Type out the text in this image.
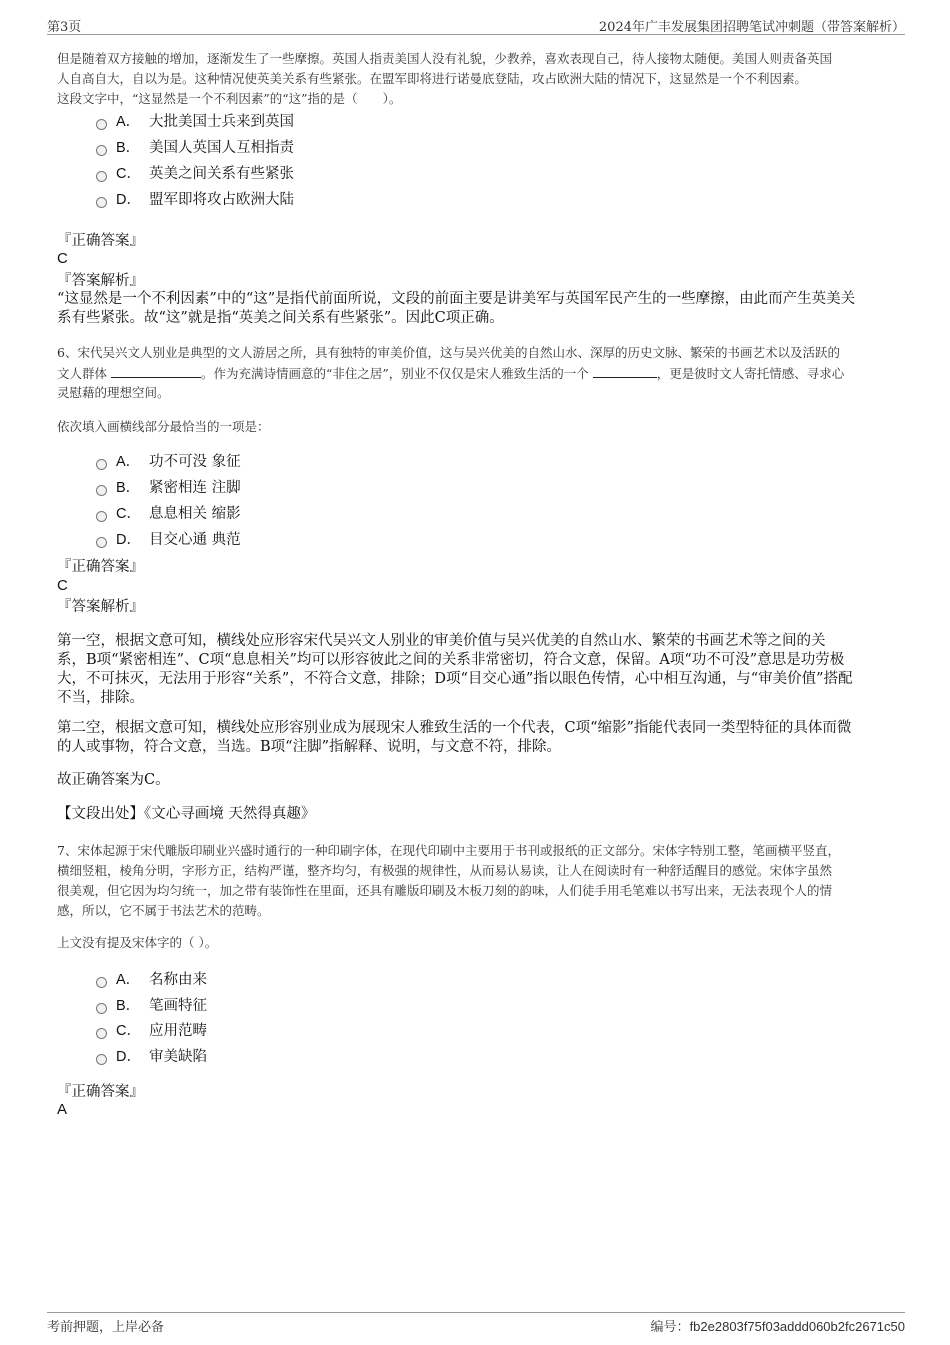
第3页	2024年广丰发展集团招聘笔试冲刺题（带答案解析）
但是随着双方接触的增加，逐渐发生了一些摩擦。英国人指责美国人没有礼貌，少教养，喜欢表现自己，待人接物太随便。美国人则责备英国
人自高自大，自以为是。这种情况使英美关系有些紧张。在盟军即将进行诺曼底登陆，攻占欧洲大陆的情况下，这显然是一个不利因素。
这段文字中，“这显然是一个不利因素”的“这”指的是（　　）。
A． 大批美国士兵来到英国
B． 美国人英国人互相指责
C． 英美之间关系有些紧张
D． 盟军即将攻占欧洲大陆
『正确答案』
C
『答案解析』
“这显然是一个不利因素”中的“这”是指代前面所说，文段的前面主要是讲美军与英国军民产生的一些摩擦，由此而产生英美关
系有些紧张。故“这”就是指“英美之间关系有些紧张”。因此C项正确。
6、宋代吴兴文人别业是典型的文人游居之所，具有独特的审美价值，这与吴兴优美的自然山水、深厚的历史文脉、繁荣的书画艺术以及活跃的
文人群体	。作为充满诗情画意的“非住之居”，别业不仅仅是宋人雅致生活的一个	，更是彼时文人寄托情感、寻求心
灵慰藉的理想空间。
依次填入画横线部分最恰当的一项是：
A． 功不可没 象征
B． 紧密相连 注脚
C． 息息相关 缩影
D． 目交心通 典范
『正确答案』
C
『答案解析』
第一空，根据文意可知，横线处应形容宋代吴兴文人别业的审美价值与吴兴优美的自然山水、繁荣的书画艺术等之间的关
系，B项“紧密相连”、C项“息息相关”均可以形容彼此之间的关系非常密切，符合文意，保留。A项“功不可没”意思是功劳极
大，不可抹灭，无法用于形容“关系”，不符合文意，排除；D项“目交心通”指以眼色传情，心中相互沟通，与“审美价值”搭配
不当，排除。
第二空，根据文意可知，横线处应形容别业成为展现宋人雅致生活的一个代表，C项“缩影”指能代表同一类型特征的具体而微
的人或事物，符合文意，当选。B项“注脚”指解释、说明，与文意不符，排除。
故正确答案为C。
【文段出处】《文心寻画境 天然得真趣》
7、宋体起源于宋代雕版印刷业兴盛时通行的一种印刷字体，在现代印刷中主要用于书刊或报纸的正文部分。宋体字特别工整，笔画横平竖直，
横细竖粗，棱角分明，字形方正，结构严谨，整齐均匀，有极强的规律性，从而易认易读，让人在阅读时有一种舒适醒目的感觉。宋体字虽然
很美观，但它因为均匀统一，加之带有装饰性在里面，还具有雕版印刷及木板刀刻的韵味，人们徒手用毛笔难以书写出来，无法表现个人的情
感，所以，它不属于书法艺术的范畴。
上文没有提及宋体字的（ ）。
A． 名称由来
B． 笔画特征
C． 应用范畴
D． 审美缺陷
『正确答案』
A
考前押题，上岸必备	编号：fb2e2803f75f03addd060b2fc2671c50
